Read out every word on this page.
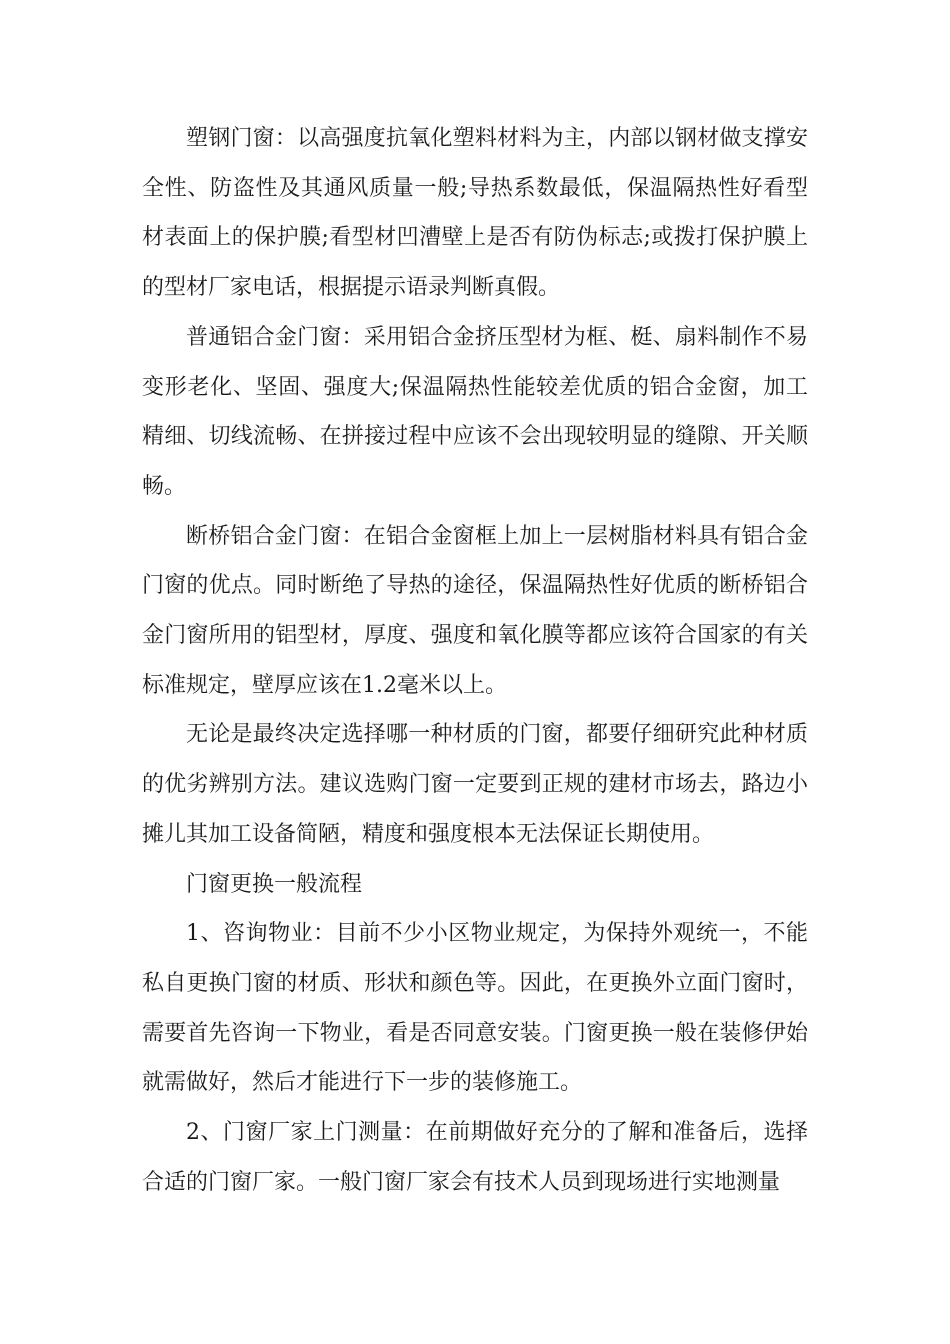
塑钢门窗：以高强度抗氧化塑料材料为主，内部以钢材做支撑安全性、防盗性及其通风质量一般;导热系数最低，保温隔热性好看型材表面上的保护膜;看型材凹漕壁上是否有防伪标志;或拨打保护膜上的型材厂家电话，根据提示语录判断真假。

普通铝合金门窗：采用铝合金挤压型材为框、梃、扇料制作不易变形老化、坚固、强度大;保温隔热性能较差优质的铝合金窗，加工精细、切线流畅、在拼接过程中应该不会出现较明显的缝隙、开关顺畅。

断桥铝合金门窗：在铝合金窗框上加上一层树脂材料具有铝合金门窗的优点。同时断绝了导热的途径，保温隔热性好优质的断桥铝合金门窗所用的铝型材，厚度、强度和氧化膜等都应该符合国家的有关标准规定，壁厚应该在1.2毫米以上。

无论是最终决定选择哪一种材质的门窗，都要仔细研究此种材质的优劣辨别方法。建议选购门窗一定要到正规的建材市场去，路边小摊儿其加工设备简陋，精度和强度根本无法保证长期使用。

门窗更换一般流程

1、咨询物业：目前不少小区物业规定，为保持外观统一，不能私自更换门窗的材质、形状和颜色等。因此，在更换外立面门窗时，需要首先咨询一下物业，看是否同意安装。门窗更换一般在装修伊始就需做好，然后才能进行下一步的装修施工。

2、门窗厂家上门测量：在前期做好充分的了解和准备后，选择合适的门窗厂家。一般门窗厂家会有技术人员到现场进行实地测量
